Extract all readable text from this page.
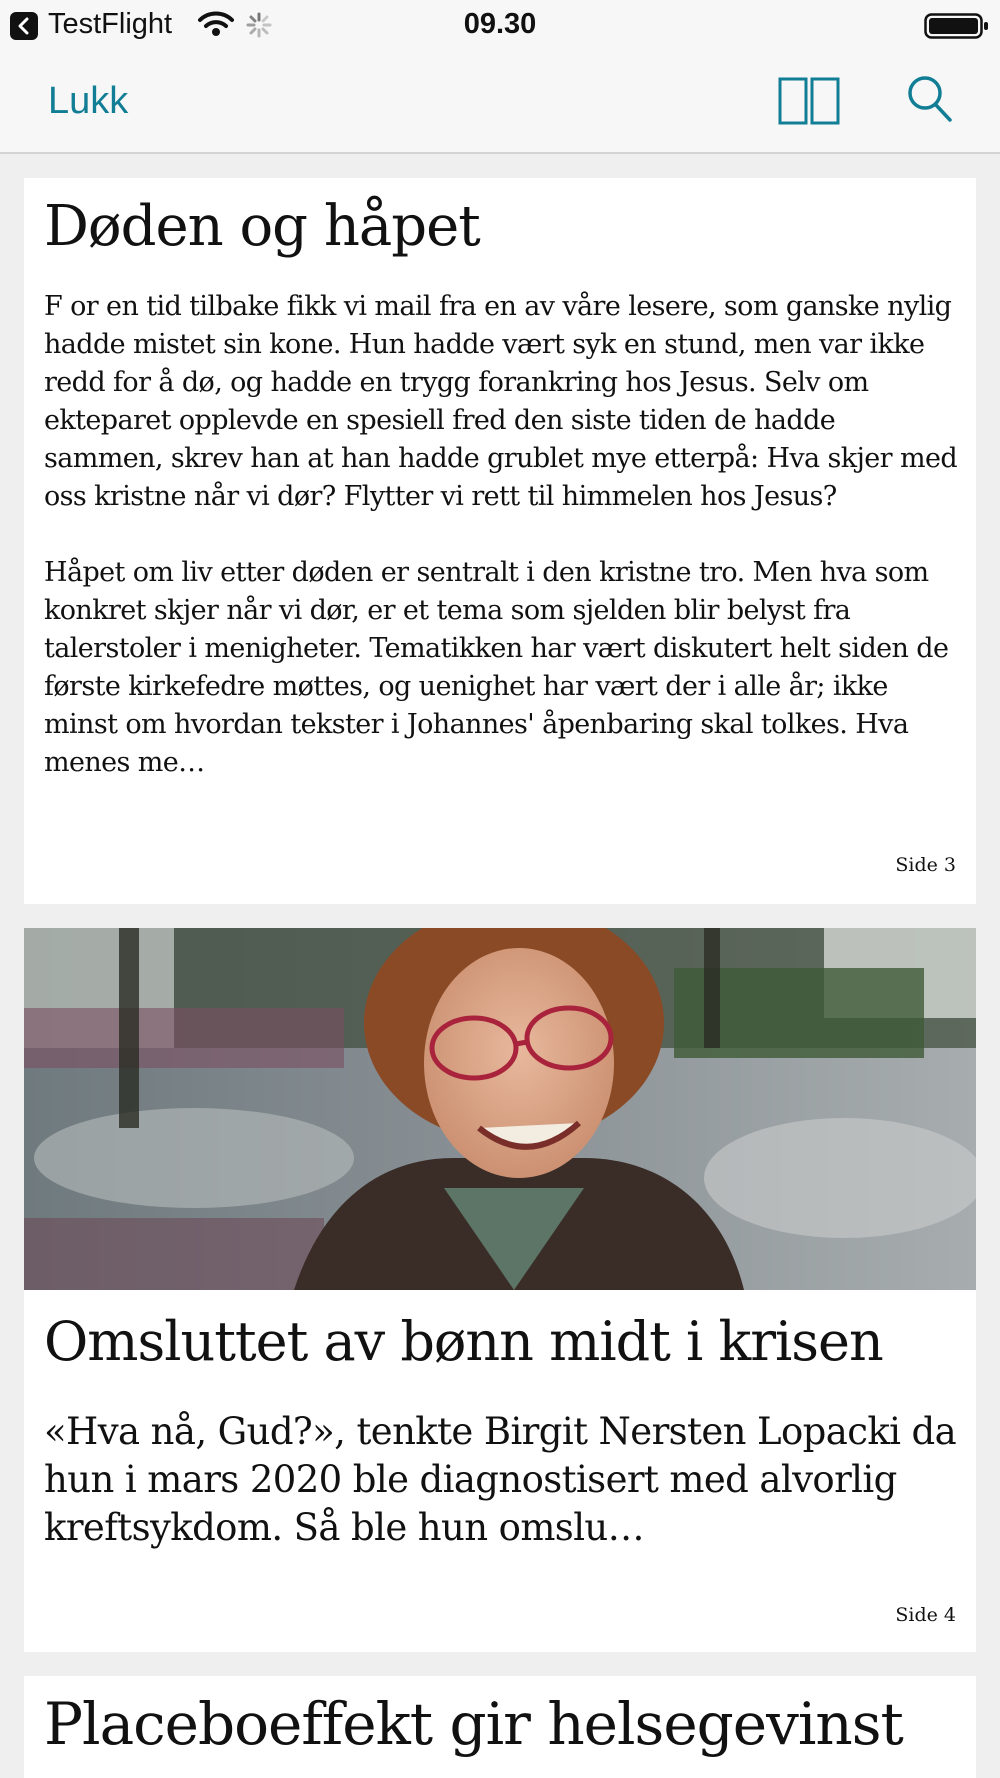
TestFlight	09.30
Lukk
Døden og håpet

F or en tid tilbake fikk vi mail fra en av våre lesere, som ganske nylig hadde mistet sin kone. Hun hadde vært syk en stund, men var ikke redd for å dø, og hadde en trygg forankring hos Jesus. Selv om ekteparet opplevde en spesiell fred den siste tiden de hadde sammen, skrev han at han hadde grublet mye etterpå: Hva skjer med oss kristne når vi dør? Flytter vi rett til himmelen hos Jesus?

Håpet om liv etter døden er sentralt i den kristne tro. Men hva som konkret skjer når vi dør, er et tema som sjelden blir belyst fra talerstoler i menigheter. Tematikken har vært diskutert helt siden de første kirkefedre møttes, og uenighet har vært der i alle år; ikke minst om hvordan tekster i Johannes' åpenbaring skal tolkes. Hva menes me…

Side 3
Omsluttet av bønn midt i krisen

«Hva nå, Gud?», tenkte Birgit Nersten Lopacki da hun i mars 2020 ble diagnostisert med alvorlig kreftsykdom. Så ble hun omslu…

Side 4
Placeboeffekt gir helsegevinst
